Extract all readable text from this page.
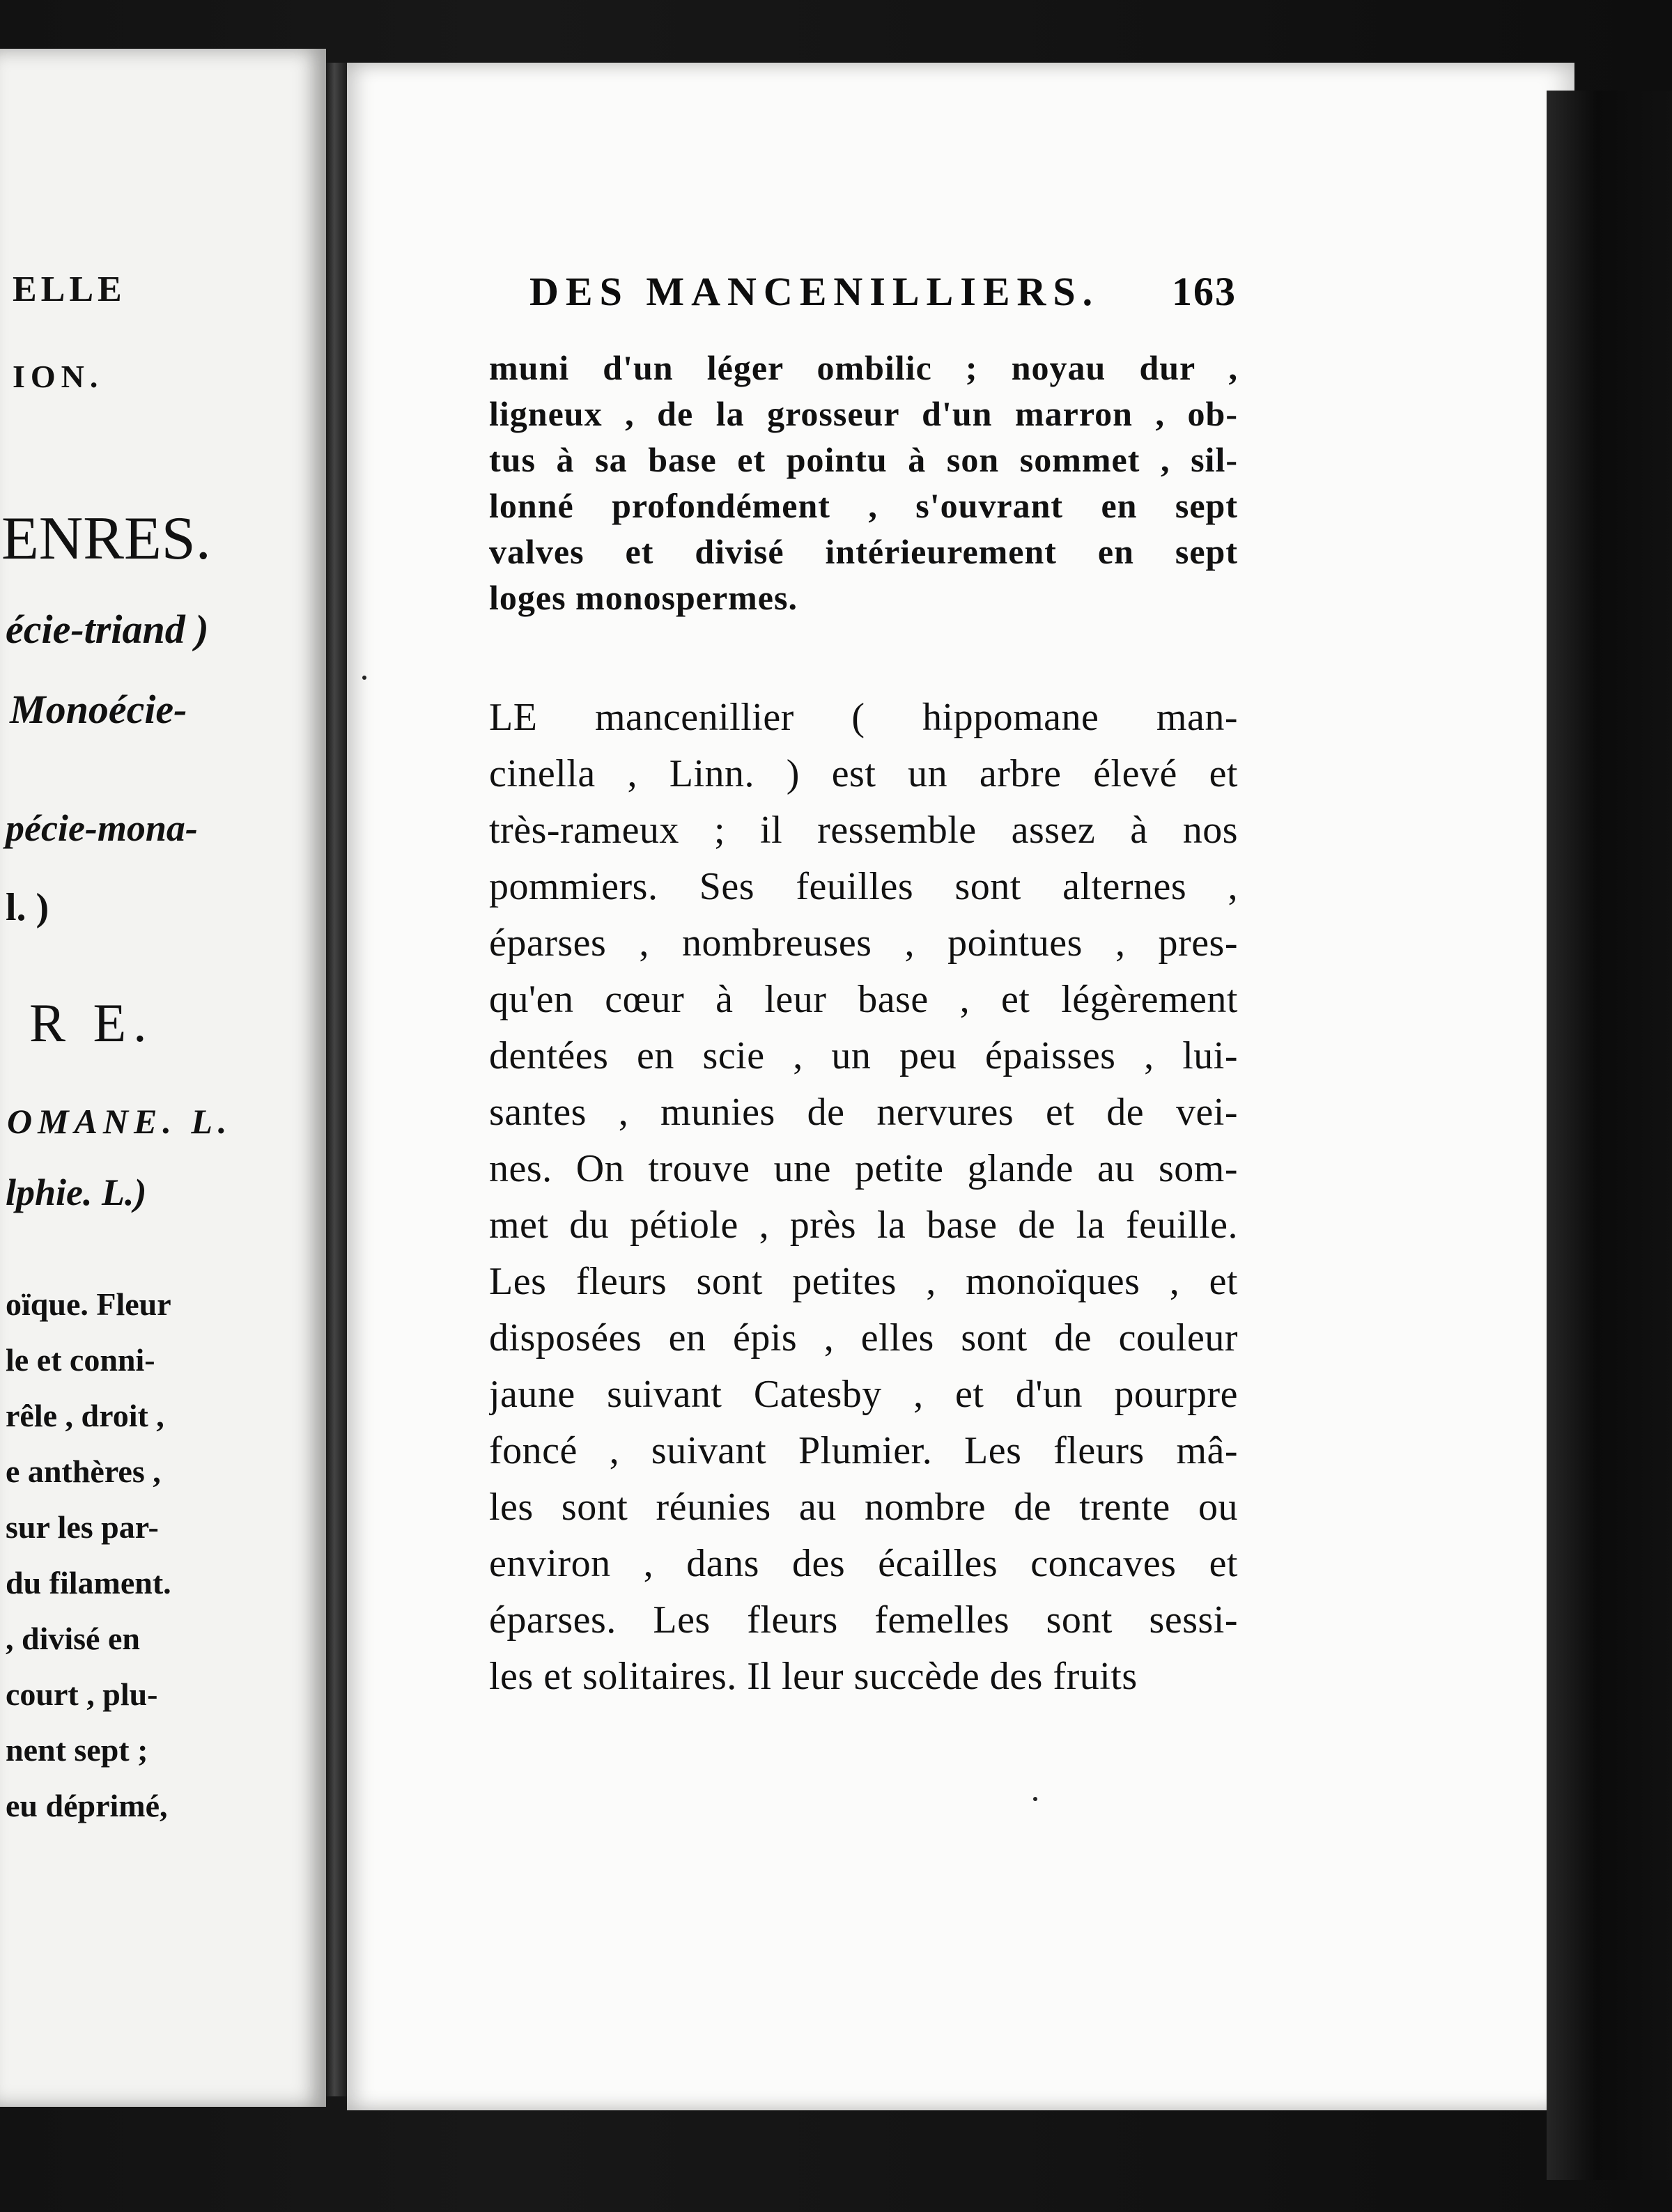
ELLE
ION.
ENRES.
écie-triand )
Monoécie-
pécie-mona-
l. )
R E.
OMANE. L.
lphie. L.)
oïque. Fleur
le et conni-
rêle , droit ,
e anthères ,
sur les par-
du filament.
, divisé en
court , plu-
nent sept ;
eu déprimé,
DES MANCENILLIERS. 163
muni d'un léger ombilic ; noyau dur ,
ligneux , de la grosseur d'un marron , ob-
tus à sa base et pointu à son sommet , sil-
lonné profondément , s'ouvrant en sept
valves et divisé intérieurement en sept
loges monospermes.
LE mancenillier ( hippomane man-
cinella , Linn. ) est un arbre élevé et
très-rameux ; il ressemble assez à nos
pommiers. Ses feuilles sont alternes ,
éparses , nombreuses , pointues , pres-
qu'en cœur à leur base , et légèrement
dentées en scie , un peu épaisses , lui-
santes , munies de nervures et de vei-
nes. On trouve une petite glande au som-
met du pétiole , près la base de la feuille.
Les fleurs sont petites , monoïques , et
disposées en épis , elles sont de couleur
jaune suivant Catesby , et d'un pourpre
foncé , suivant Plumier. Les fleurs mâ-
les sont réunies au nombre de trente ou
environ , dans des écailles concaves et
éparses. Les fleurs femelles sont sessi-
les et solitaires. Il leur succède des fruits
